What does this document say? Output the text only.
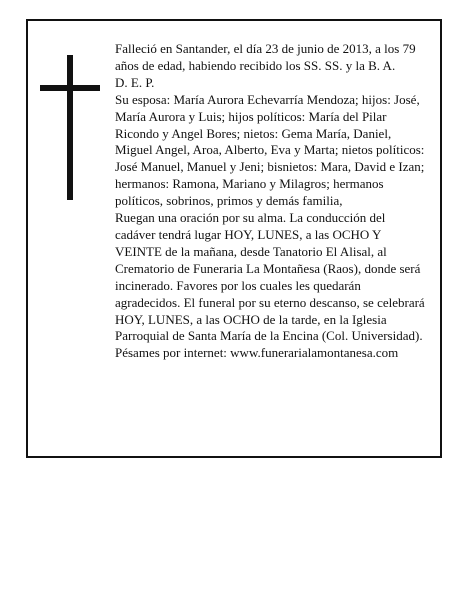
Falleció en Santander, el día 23 de junio de 2013, a los 79 años de edad, habiendo recibido los SS. SS. y la B. A.

D. E. P.

Su esposa: María Aurora Echevarría Mendoza; hijos: José, María Aurora y Luis; hijos políticos: María del Pilar Ricondo y Angel Bores; nietos: Gema María, Daniel, Miguel Angel, Aroa, Alberto, Eva y Marta; nietos políticos: José Manuel, Manuel y Jeni; bisnietos: Mara, David e Izan; hermanos: Ramona, Mariano y Milagros; hermanos políticos, sobrinos, primos y demás familia,

Ruegan una oración por su alma. La conducción del cadáver tendrá lugar HOY, LUNES, a las OCHO Y VEINTE de la mañana, desde Tanatorio El Alisal, al Crematorio de Funeraria La Montañesa (Raos), donde será incinerado. Favores por los cuales les quedarán agradecidos. El funeral por su eterno descanso, se celebrará HOY, LUNES, a las OCHO de la tarde, en la Iglesia Parroquial de Santa María de la Encina (Col. Universidad).

Pésames por internet: www.funerarialamontanesa.com
